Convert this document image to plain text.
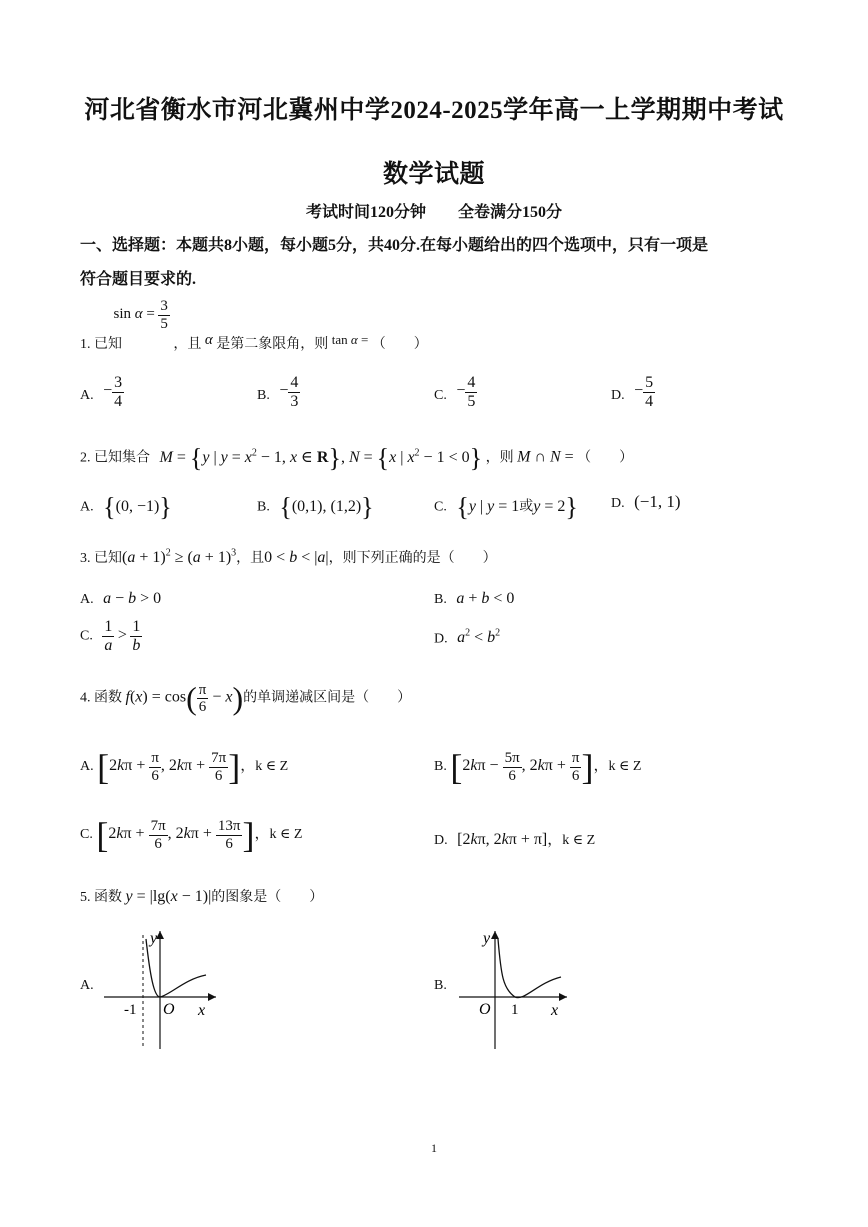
河北省衡水市河北冀州中学2024-2025学年高一上学期期中考试
数学试题
考试时间120分钟　　全卷满分150分
一、选择题：本题共8小题，每小题5分，共40分.在每小题给出的四个选项中，只有一项是
符合题目要求的.
1. 已知 $\sin \alpha = \frac{3}{5}$
，且 α 是第二象限角，则 tan α = （　　）
A. − $\frac{3}{4}$	B. − $\frac{4}{3}$	C. − $\frac{4}{5}$	D. − $\frac{5}{4}$
2. 已知集合 M = {y | $y = x^2 - 1$, x ∈ R}, N = {x | $x^2 - 1 < 0$} ，则 M ∩ N = （　　）
A. {(0, −1)}	B. {(0,1), (1,2)}	C. {y | y = 1或y = 2} D. (−1, 1)
3. 已知$(a + 1)^2 \ge (a + 1)^3$，且0 < b < |a|，则下列正确的是（　　）
A. a − b > 0	B. a + b < 0
C. $\frac{1}{a} > \frac{1}{b}$	D. $a^2 < b^2$
4. 函数 $f(x) = \cos( \frac{\pi}{6} - x)$的单调递减区间是（　　）
A. [$2k\pi + \frac{\pi}{6}$ , $2k\pi + \frac{7\pi}{6}$ ]，k ∈ Z	B. [$2k\pi - \frac{5\pi}{6}$ , $2k\pi + \frac{\pi}{6}$ ]，k ∈ Z
C. [$2k\pi + \frac{7\pi}{6}$ , $2k\pi + \frac{13\pi}{6}$ ]，k ∈ Z	D. [2kπ, 2kπ + π]，k ∈ Z
5. 函数 y = |lg(x − 1)|的图象是（　　）
A.	B.
y
x
O
-1
y
x
O 1
1
